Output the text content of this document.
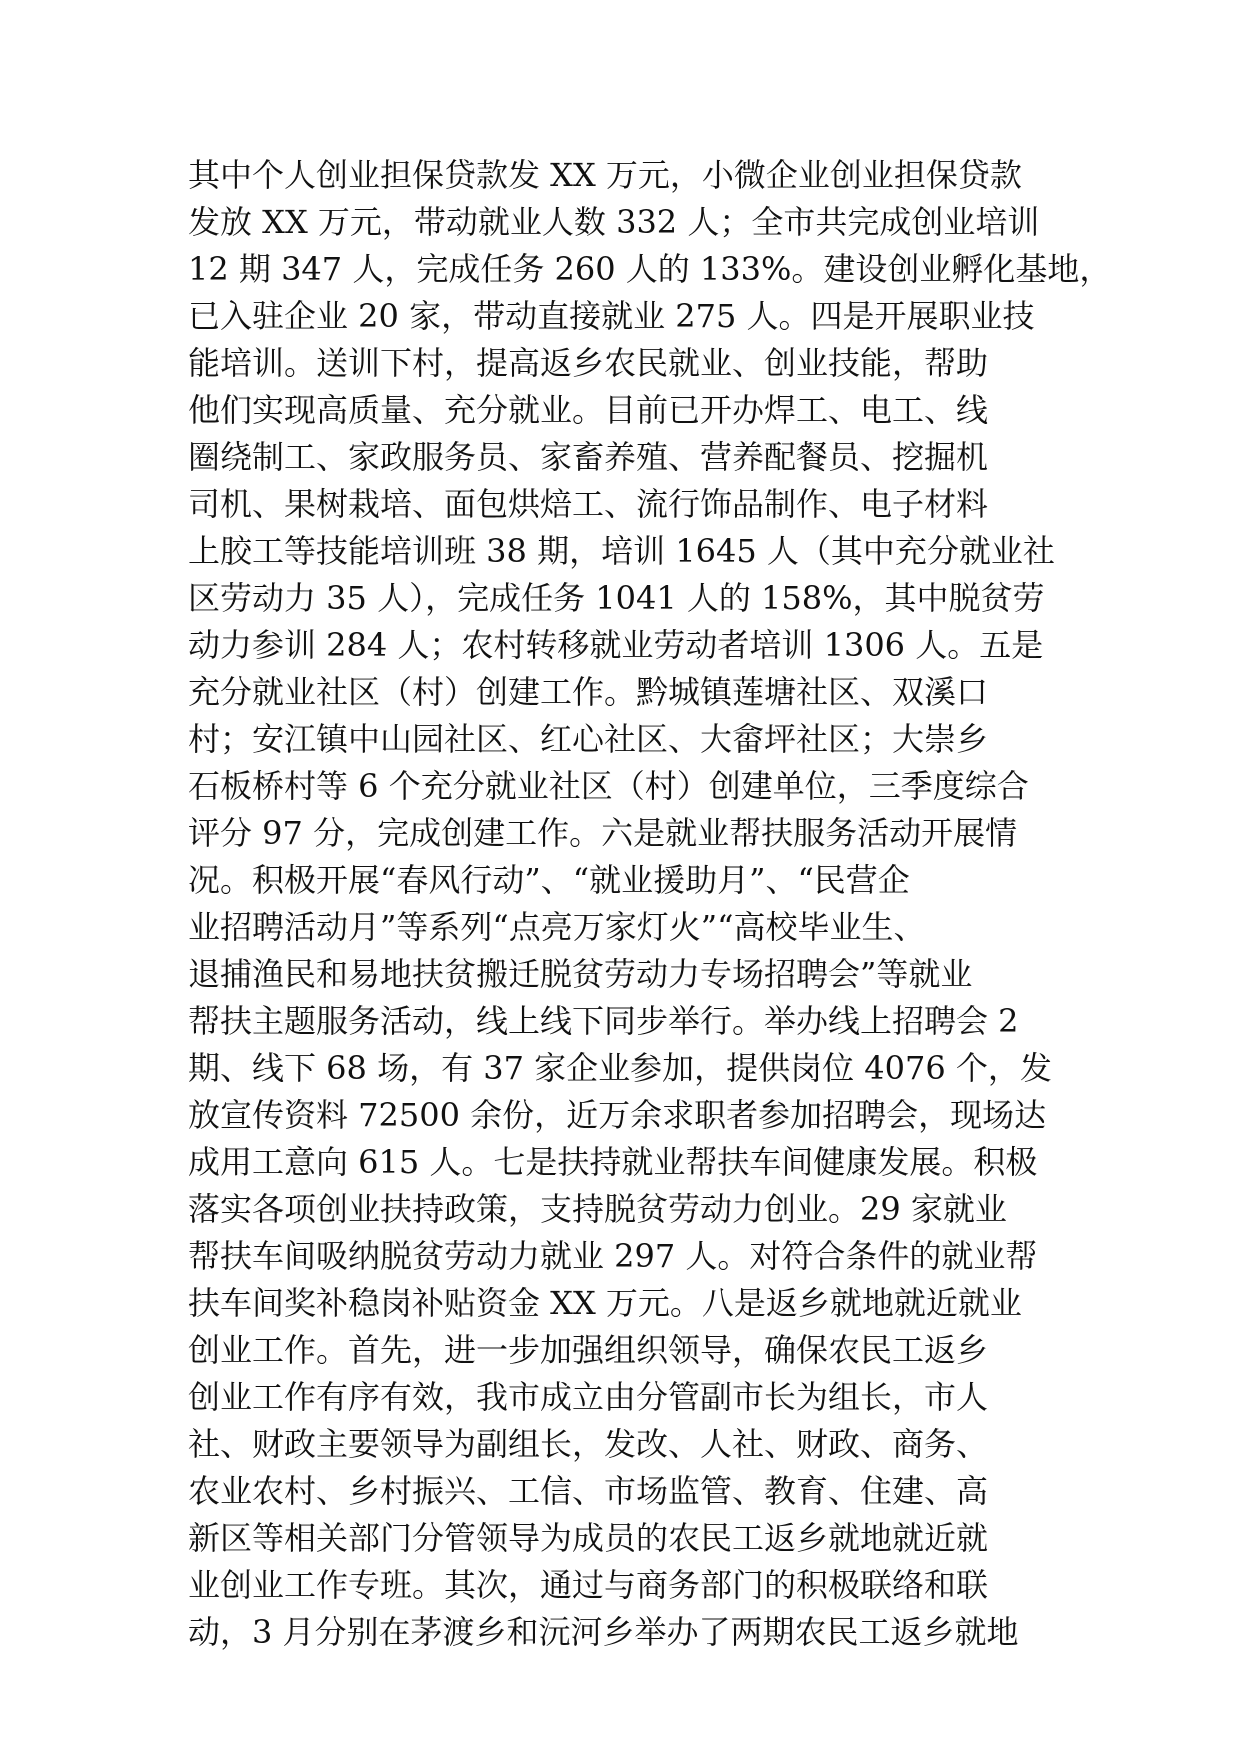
其中个人创业担保贷款发 XX 万元，小微企业创业担保贷款
发放 XX 万元，带动就业人数 332 人；全市共完成创业培训
12 期 347 人，完成任务 260 人的 133%。建设创业孵化基地，
已入驻企业 20 家，带动直接就业 275 人。四是开展职业技
能培训。送训下村，提高返乡农民就业、创业技能，帮助
他们实现高质量、充分就业。目前已开办焊工、电工、线
圈绕制工、家政服务员、家畜养殖、营养配餐员、挖掘机
司机、果树栽培、面包烘焙工、流行饰品制作、电子材料
上胶工等技能培训班 38 期，培训 1645 人（其中充分就业社
区劳动力 35 人），完成任务 1041 人的 158%，其中脱贫劳
动力参训 284 人；农村转移就业劳动者培训 1306 人。五是
充分就业社区（村）创建工作。黔城镇莲塘社区、双溪口
村；安江镇中山园社区、红心社区、大畲坪社区；大崇乡
石板桥村等 6 个充分就业社区（村）创建单位，三季度综合
评分 97 分，完成创建工作。六是就业帮扶服务活动开展情
况。积极开展“春风行动”、“就业援助月”、“民营企
业招聘活动月”等系列“点亮万家灯火”“高校毕业生、
退捕渔民和易地扶贫搬迁脱贫劳动力专场招聘会”等就业
帮扶主题服务活动，线上线下同步举行。举办线上招聘会 2
期、线下 68 场，有 37 家企业参加，提供岗位 4076 个，发
放宣传资料 72500 余份，近万余求职者参加招聘会，现场达
成用工意向 615 人。七是扶持就业帮扶车间健康发展。积极
落实各项创业扶持政策，支持脱贫劳动力创业。29 家就业
帮扶车间吸纳脱贫劳动力就业 297 人。对符合条件的就业帮
扶车间奖补稳岗补贴资金 XX 万元。八是返乡就地就近就业
创业工作。首先，进一步加强组织领导，确保农民工返乡
创业工作有序有效，我市成立由分管副市长为组长，市人
社、财政主要领导为副组长，发改、人社、财政、商务、
农业农村、乡村振兴、工信、市场监管、教育、住建、高
新区等相关部门分管领导为成员的农民工返乡就地就近就
业创业工作专班。其次，通过与商务部门的积极联络和联
动，3 月分别在茅渡乡和沅河乡举办了两期农民工返乡就地
